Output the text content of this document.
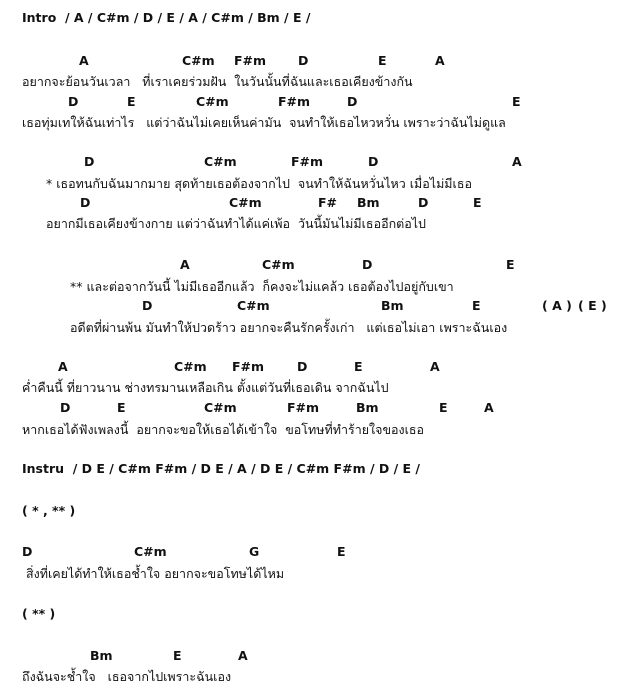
Intro  / A / C#m / D / E / A / C#m / Bm / E /
A	C#m F#m	D	E	A
อยากจะย้อนวันเวลา   ที่เราเคยร่วมฝัน  ในวันนั้นที่ฉันและเธอเคียงข้างกัน
D	E	C#m	F#m	D	E
เธอทุ่มเทให้ฉันเท่าไร   แต่ว่าฉันไม่เคยเห็นค่ามัน  จนทำให้เธอไหวหวั่น เพราะว่าฉันไม่ดูแล
D	C#m	F#m	D	A
* เธอทนกับฉันมากมาย สุดท้ายเธอต้องจากไป  จนทำให้ฉันหวั่นไหว เมื่อไม่มีเธอ
D	C#m	F# Bm	D	E
อยากมีเธอเคียงข้างกาย แต่ว่าฉันทำได้แค่เพ้อ  วันนี้มันไม่มีเธออีกต่อไป
A	C#m	D	E
** และต่อจากวันนี้ ไม่มีเธออีกแล้ว  ก็คงจะไม่แคล้ว เธอต้องไปอยู่กับเขา
D	C#m	Bm	E	( A ) ( E )
อดีตที่ผ่านพ้น มันทำให้ปวดร้าว อยากจะคืนรักครั้งเก่า   แต่เธอไม่เอา เพราะฉันเอง
A	C#m F#m	D	E	A
ค่ำคืนนี้ ที่ยาวนาน ช่างทรมานเหลือเกิน ตั้งแต่วันที่เธอเดิน จากฉันไป
D	E	C#m	F#m	Bm	E	A
หากเธอได้ฟังเพลงนี้  อยากจะขอให้เธอได้เข้าใจ  ขอโทษที่ทำร้ายใจของเธอ
Instru  / D E / C#m F#m / D E / A / D E / C#m F#m / D / E /
( * , ** )
D	C#m	G	E
สิ่งที่เคยได้ทำให้เธอช้ำใจ อยากจะขอโทษได้ไหม
( ** )
Bm	E	A
ถึงฉันจะช้ำใจ   เธอจากไปเพราะฉันเอง
